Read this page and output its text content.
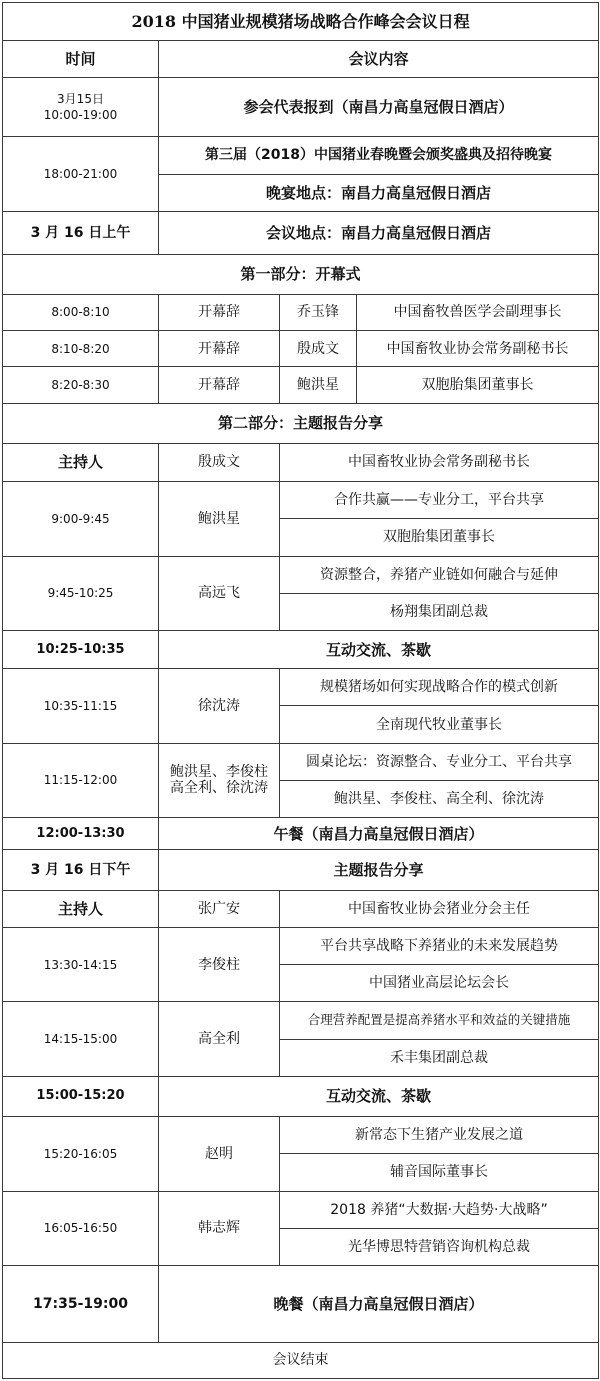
2018 中国猪业规模猪场战略合作峰会会议日程			
时间	会议内容		

3月15日
10:00-19:00	参会代表报到（南昌力高皇冠假日酒店）		
18:00-21:00	第三届（2018）中国猪业春晚暨会颁奖盛典及招待晚宴		
	晚宴地点：南昌力高皇冠假日酒店		
3 月 16 日上午	会议地点：南昌力高皇冠假日酒店		
第一部分：开幕式			
8:00-8:10	开幕辞	乔玉锋	中国畜牧兽医学会副理事长
8:10-8:20	开幕辞	殷成文	中国畜牧业协会常务副秘书长
8:20-8:30	开幕辞	鲍洪星	双胞胎集团董事长
第二部分：主题报告分享			
主持人	殷成文	中国畜牧业协会常务副秘书长	
9:00-9:45	鲍洪星	合作共赢——专业分工，平台共享	
		双胞胎集团董事长	
9:45-10:25	高远飞	资源整合，养猪产业链如何融合与延伸	
		杨翔集团副总裁	
10:25-10:35	互动交流、茶歇		
10:35-11:15	徐沈涛	规模猪场如何实现战略合作的模式创新	
		全南现代牧业董事长	
11:15-12:00	鲍洪星、李俊柱
高全利、徐沈涛	圆桌论坛：资源整合、专业分工、平台共享	
		鲍洪星、李俊柱、高全利、徐沈涛	
12:00-13:30	午餐（南昌力高皇冠假日酒店）		
3 月 16 日下午	主题报告分享		
主持人	张广安	中国畜牧业协会猪业分会主任	
13:30-14:15	李俊柱	平台共享战略下养猪业的未来发展趋势	
		中国猪业高层论坛会长	
14:15-15:00	高全利	合理营养配置是提高养猪水平和效益的关键措施	
		禾丰集团副总裁	
15:00-15:20	互动交流、茶歇		
15:20-16:05	赵明	新常态下生猪产业发展之道	
		辅音国际董事长	
16:05-16:50	韩志辉	2018 养猪“大数据·大趋势·大战略”	
		光华博思特营销咨询机构总裁	
17:35-19:00	晚餐（南昌力高皇冠假日酒店）		
会议结束			
